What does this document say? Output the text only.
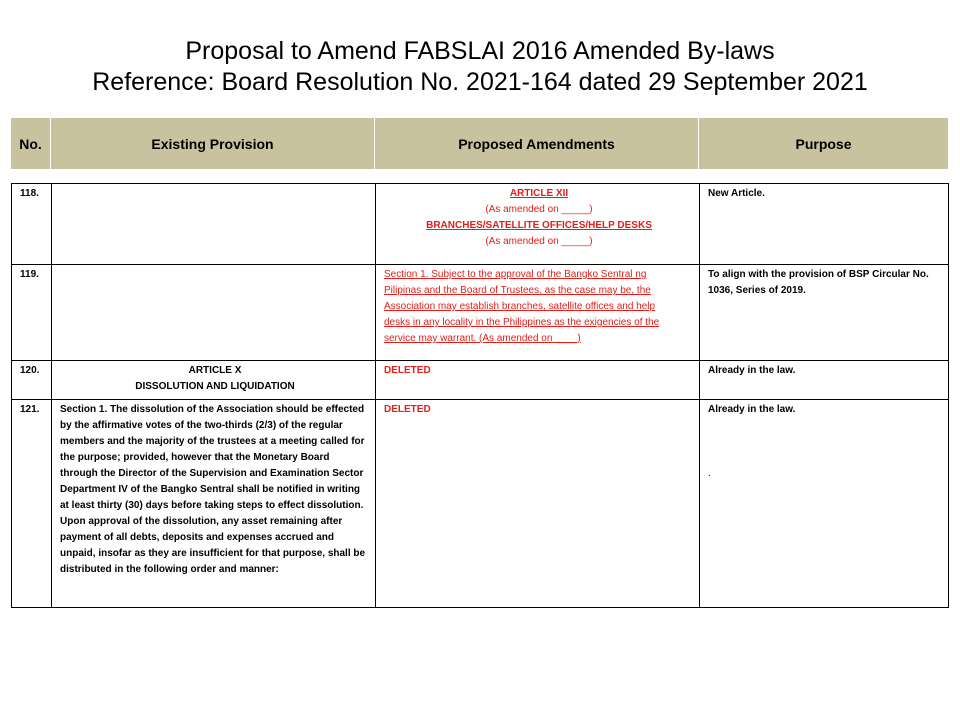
Proposal to Amend FABSLAI 2016 Amended By-laws
Reference: Board Resolution No. 2021-164 dated 29 September 2021
No.	Existing Provision	Proposed Amendments	Purpose
118.		ARTICLE XII
(As amended on _____)
BRANCHES/SATELLITE OFFICES/HELP DESKS
(As amended on _____)	New Article.
119.		Section 1. Subject to the approval of the Bangko Sentral ng
Pilipinas and the Board of Trustees, as the case may be, the
Association may establish branches, satellite offices and help
desks in any locality in the Philippines as the exigencies of the
service may warrant. (As amended on ____)	To align with the provision of BSP Circular No. 1036, Series of 2019.
120.	ARTICLE X
DISSOLUTION AND LIQUIDATION	DELETED	Already in the law.
121.	Section 1. The dissolution of the Association should be effected by the affirmative votes of the two-thirds (2/3) of the regular members and the majority of the trustees at a meeting called for the purpose; provided, however that the Monetary Board through the Director of the Supervision and Examination Sector Department IV of the Bangko Sentral shall be notified in writing at least thirty (30) days before taking steps to effect dissolution. Upon approval of the dissolution, any asset remaining after payment of all debts, deposits and expenses accrued and unpaid, insofar as they are insufficient for that purpose, shall be distributed in the following order and manner:	DELETED	Already in the law.
.
